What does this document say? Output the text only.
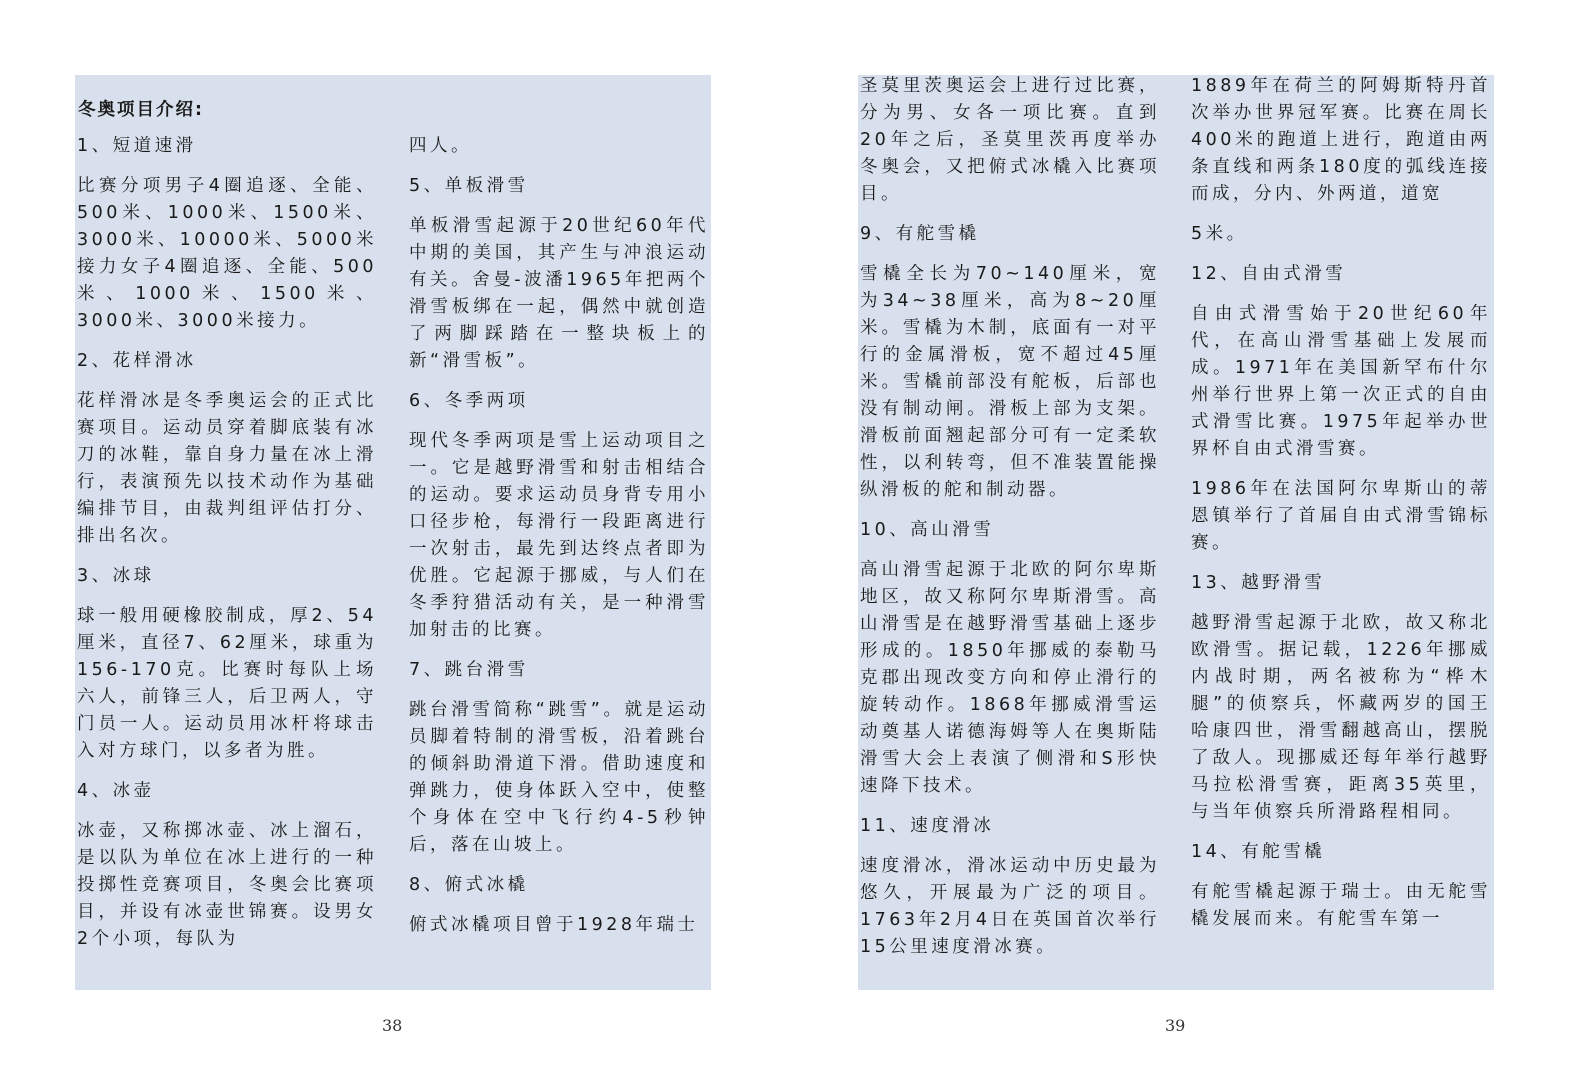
冬奥项目介绍:
1、短道速滑

比赛分项男子4圈追逐、全能、500米、1000米、1500米、3000米、10000米、5000米接力女子4圈追逐、全能、500米、1000米、1500米、3000米、3000米接力。

2、花样滑冰

花样滑冰是冬季奥运会的正式比赛项目。运动员穿着脚底装有冰刀的冰鞋，靠自身力量在冰上滑行，表演预先以技术动作为基础编排节目，由裁判组评估打分、排出名次。

3、冰球

球一般用硬橡胶制成，厚2、54厘米，直径7、62厘米，球重为156-170克。比赛时每队上场六人，前锋三人，后卫两人，守门员一人。运动员用冰杆将球击入对方球门，以多者为胜。

4、冰壶

冰壶，又称掷冰壶、冰上溜石，是以队为单位在冰上进行的一种投掷性竞赛项目，冬奥会比赛项目，并设有冰壶世锦赛。设男女2个小项，每队为

四人。

5、单板滑雪

单板滑雪起源于20世纪60年代中期的美国，其产生与冲浪运动有关。舍曼-波潘1965年把两个滑雪板绑在一起，偶然中就创造了两脚踩踏在一整块板上的新“滑雪板”。

6、冬季两项

现代冬季两项是雪上运动项目之一。它是越野滑雪和射击相结合的运动。要求运动员身背专用小口径步枪，每滑行一段距离进行一次射击，最先到达终点者即为优胜。它起源于挪威，与人们在冬季狩猎活动有关，是一种滑雪加射击的比赛。

7、跳台滑雪

跳台滑雪简称“跳雪”。就是运动员脚着特制的滑雪板，沿着跳台的倾斜助滑道下滑。借助速度和弹跳力，使身体跃入空中，使整个身体在空中飞行约4-5秒钟后，落在山坡上。

8、俯式冰橇

俯式冰橇项目曾于1928年瑞士

圣莫里茨奥运会上进行过比赛，分为男、女各一项比赛。直到20年之后，圣莫里茨再度举办冬奥会，又把俯式冰橇入比赛项目。

9、有舵雪橇

雪橇全长为70~140厘米，宽为34~38厘米，高为8~20厘米。雪橇为木制，底面有一对平行的金属滑板，宽不超过45厘米。雪橇前部没有舵板，后部也没有制动闸。滑板上部为支架。滑板前面翘起部分可有一定柔软性，以利转弯，但不准装置能操纵滑板的舵和制动器。

10、高山滑雪

高山滑雪起源于北欧的阿尔卑斯地区，故又称阿尔卑斯滑雪。高山滑雪是在越野滑雪基础上逐步形成的。1850年挪威的泰勒马克郡出现改变方向和停止滑行的旋转动作。1868年挪威滑雪运动奠基人诺德海姆等人在奥斯陆滑雪大会上表演了侧滑和S形快速降下技术。

11、速度滑冰

速度滑冰，滑冰运动中历史最为悠久，开展最为广泛的项目。1763年2月4日在英国首次举行15公里速度滑冰赛。

1889年在荷兰的阿姆斯特丹首次举办世界冠军赛。比赛在周长400米的跑道上进行，跑道由两条直线和两条180度的弧线连接而成，分内、外两道，道宽

5米。

12、自由式滑雪

自由式滑雪始于20世纪60年代，在高山滑雪基础上发展而成。1971年在美国新罕布什尔州举行世界上第一次正式的自由式滑雪比赛。1975年起举办世界杯自由式滑雪赛。

1986年在法国阿尔卑斯山的蒂恩镇举行了首届自由式滑雪锦标赛。

13、越野滑雪

越野滑雪起源于北欧，故又称北欧滑雪。据记载，1226年挪威内战时期，两名被称为“桦木腿”的侦察兵，怀藏两岁的国王哈康四世，滑雪翻越高山，摆脱了敌人。现挪威还每年举行越野马拉松滑雪赛，距离35英里，与当年侦察兵所滑路程相同。

14、有舵雪橇

有舵雪橇起源于瑞士。由无舵雪橇发展而来。有舵雪车第一

38	39
